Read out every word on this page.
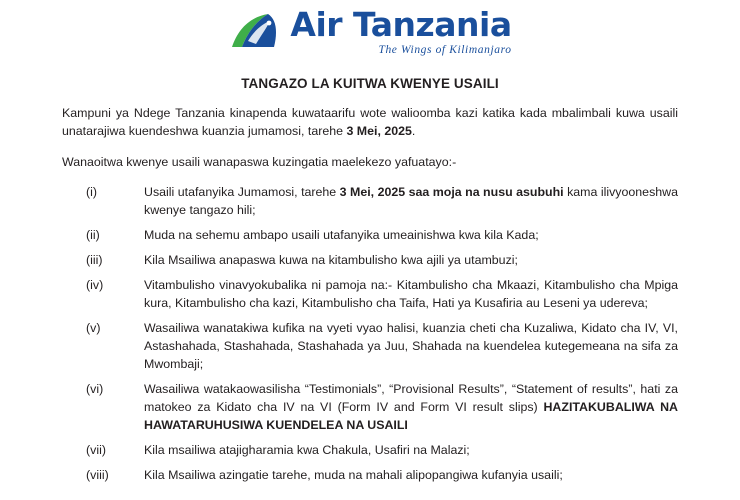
Air Tanzania
The Wings of Kilimanjaro
TANGAZO LA KUITWA KWENYE USAILI

Kampuni ya Ndege Tanzania kinapenda kuwataarifu wote walioomba kazi katika kada mbalimbali kuwa usaili unatarajiwa kuendeshwa kuanzia jumamosi, tarehe 3 Mei, 2025.

Wanaoitwa kwenye usaili wanapaswa kuzingatia maelekezo yafuatayo:-

(i)	Usaili utafanyika Jumamosi, tarehe 3 Mei, 2025 saa moja na nusu asubuhi kama ilivyooneshwa kwenye tangazo hili;
(ii)	Muda na sehemu ambapo usaili utafanyika umeainishwa kwa kila Kada;
(iii)	Kila Msailiwa anapaswa kuwa na kitambulisho kwa ajili ya utambuzi;
(iv)	Vitambulisho vinavyokubalika ni pamoja na:- Kitambulisho cha Mkaazi, Kitambulisho cha Mpiga kura, Kitambulisho cha kazi, Kitambulisho cha Taifa, Hati ya Kusafiria au Leseni ya udereva;
(v)	Wasailiwa wanatakiwa kufika na vyeti vyao halisi, kuanzia cheti cha Kuzaliwa, Kidato cha IV, VI, Astashahada, Stashahada, Stashahada ya Juu, Shahada na kuendelea kutegemeana na sifa za Mwombaji;
(vi)	Wasailiwa watakaowasilisha “Testimonials”, “Provisional Results”, “Statement of results”, hati za matokeo za Kidato cha IV na VI (Form IV and Form VI result slips) HAZITAKUBALIWA NA HAWATARUHUSIWA KUENDELEA NA USAILI
(vii)	Kila msailiwa atajigharamia kwa Chakula, Usafiri na Malazi;
(viii)	Kila Msailiwa azingatie tarehe, muda na mahali alipopangiwa kufanyia usaili;
